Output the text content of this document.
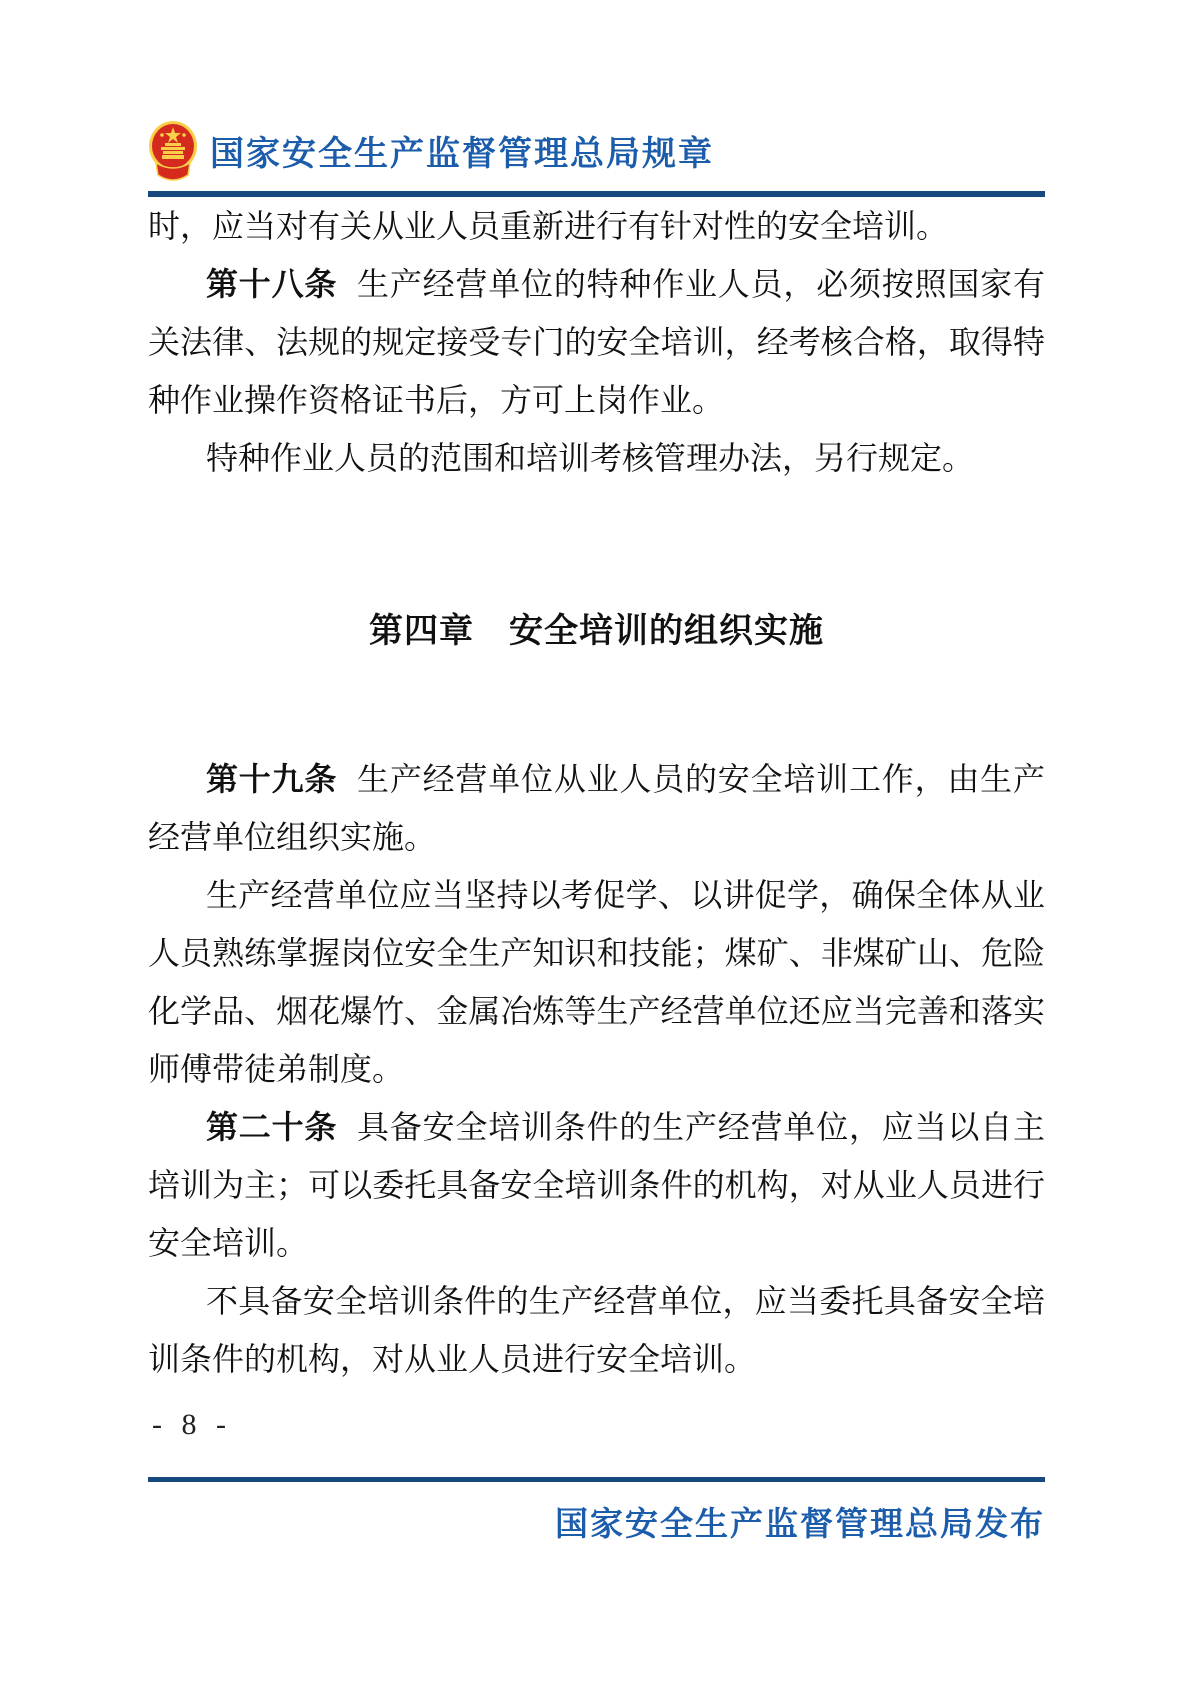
国家安全生产监督管理总局规章
时，应当对有关从业人员重新进行有针对性的安全培训。
第十八条 生产经营单位的特种作业人员，必须按照国家有
关法律、法规的规定接受专门的安全培训，经考核合格，取得特
种作业操作资格证书后，方可上岗作业。
特种作业人员的范围和培训考核管理办法，另行规定。
第四章　安全培训的组织实施
第十九条 生产经营单位从业人员的安全培训工作，由生产
经营单位组织实施。
生产经营单位应当坚持以考促学、以讲促学，确保全体从业
人员熟练掌握岗位安全生产知识和技能；煤矿、非煤矿山、危险
化学品、烟花爆竹、金属冶炼等生产经营单位还应当完善和落实
师傅带徒弟制度。
第二十条 具备安全培训条件的生产经营单位，应当以自主
培训为主；可以委托具备安全培训条件的机构，对从业人员进行
安全培训。
不具备安全培训条件的生产经营单位，应当委托具备安全培
训条件的机构，对从业人员进行安全培训。
- 8 -
国家安全生产监督管理总局发布
